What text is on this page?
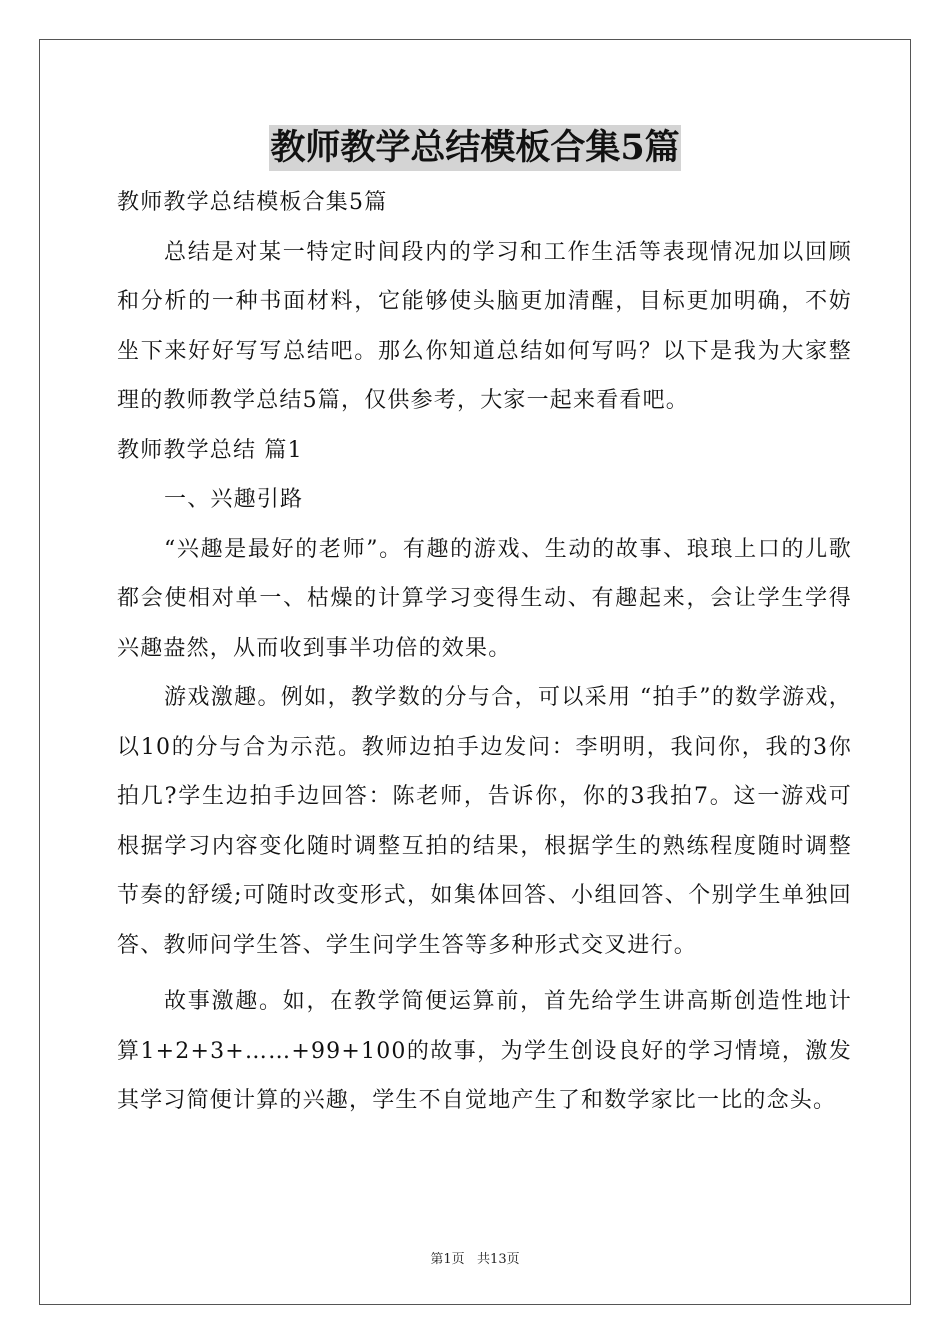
教师教学总结模板合集5篇

教师教学总结模板合集5篇

总结是对某一特定时间段内的学习和工作生活等表现情况加以回顾和分析的一种书面材料，它能够使头脑更加清醒，目标更加明确，不妨坐下来好好写写总结吧。那么你知道总结如何写吗？以下是我为大家整理的教师教学总结5篇，仅供参考，大家一起来看看吧。

教师教学总结 篇1

一、兴趣引路

“兴趣是最好的老师”。有趣的游戏、生动的故事、琅琅上口的儿歌都会使相对单一、枯燥的计算学习变得生动、有趣起来，会让学生学得兴趣盎然，从而收到事半功倍的效果。

游戏激趣。例如，教学数的分与合，可以采用 “拍手”的数学游戏，以10的分与合为示范。教师边拍手边发问：李明明，我问你，我的3你拍几?学生边拍手边回答：陈老师，告诉你，你的3我拍7。这一游戏可根据学习内容变化随时调整互拍的结果，根据学生的熟练程度随时调整节奏的舒缓;可随时改变形式，如集体回答、小组回答、个别学生单独回答、教师问学生答、学生问学生答等多种形式交叉进行。

故事激趣。如，在教学简便运算前，首先给学生讲高斯创造性地计算1+2+3+……+99+100的故事，为学生创设良好的学习情境，激发其学习简便计算的兴趣，学生不自觉地产生了和数学家比一比的念头。

第1页   共13页
